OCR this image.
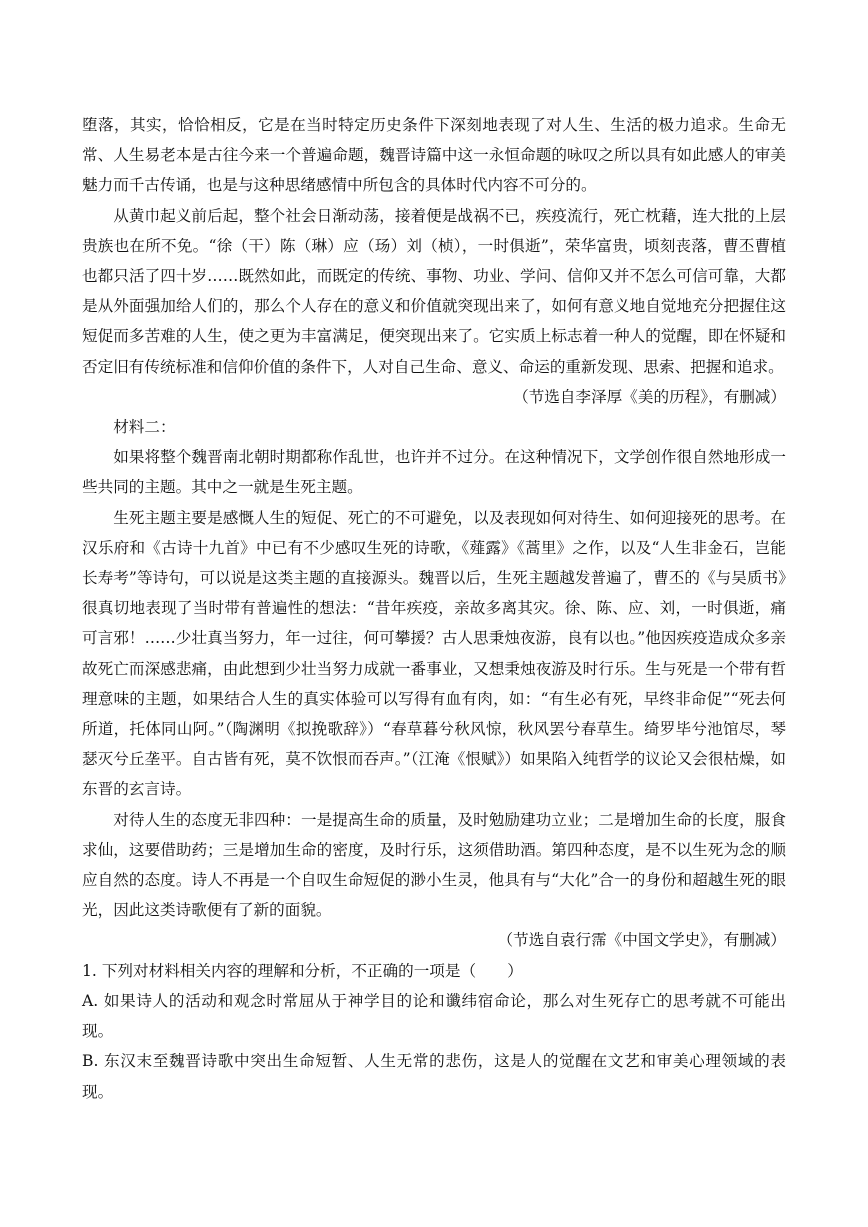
堕落，其实，恰恰相反，它是在当时特定历史条件下深刻地表现了对人生、生活的极力追求。生命无常、人生易老本是古往今来一个普遍命题，魏晋诗篇中这一永恒命题的咏叹之所以具有如此感人的审美魅力而千古传诵，也是与这种思绪感情中所包含的具体时代内容不可分的。

从黄巾起义前后起，整个社会日渐动荡，接着便是战祸不已，疾疫流行，死亡枕藉，连大批的上层贵族也在所不免。“徐（干）陈（琳）应（玚）刘（桢），一时俱逝”，荣华富贵，顷刻丧落，曹丕曹植也都只活了四十岁……既然如此，而既定的传统、事物、功业、学问、信仰又并不怎么可信可靠，大都是从外面强加给人们的，那么个人存在的意义和价值就突现出来了，如何有意义地自觉地充分把握住这短促而多苦难的人生，使之更为丰富满足，便突现出来了。它实质上标志着一种人的觉醒，即在怀疑和否定旧有传统标准和信仰价值的条件下，人对自己生命、意义、命运的重新发现、思索、把握和追求。

（节选自李泽厚《美的历程》，有删减）

材料二：

如果将整个魏晋南北朝时期都称作乱世，也许并不过分。在这种情况下，文学创作很自然地形成一些共同的主题。其中之一就是生死主题。

生死主题主要是感慨人生的短促、死亡的不可避免，以及表现如何对待生、如何迎接死的思考。在汉乐府和《古诗十九首》中已有不少感叹生死的诗歌，《薤露》《蒿里》之作，以及“人生非金石，岂能长寿考”等诗句，可以说是这类主题的直接源头。魏晋以后，生死主题越发普遍了，曹丕的《与吴质书》很真切地表现了当时带有普遍性的想法：“昔年疾疫，亲故多离其灾。徐、陈、应、刘，一时俱逝，痛可言邪！……少壮真当努力，年一过往，何可攀援？古人思秉烛夜游，良有以也。”他因疾疫造成众多亲故死亡而深感悲痛，由此想到少壮当努力成就一番事业，又想秉烛夜游及时行乐。生与死是一个带有哲理意味的主题，如果结合人生的真实体验可以写得有血有肉，如：“有生必有死，早终非命促”“死去何所道，托体同山阿。”（陶渊明《拟挽歌辞》）“春草暮兮秋风惊，秋风罢兮春草生。绮罗毕兮池馆尽，琴瑟灭兮丘垄平。自古皆有死，莫不饮恨而吞声。”（江淹《恨赋》）如果陷入纯哲学的议论又会很枯燥，如东晋的玄言诗。

对待人生的态度无非四种：一是提高生命的质量，及时勉励建功立业；二是增加生命的长度，服食求仙，这要借助药；三是增加生命的密度，及时行乐，这须借助酒。第四种态度，是不以生死为念的顺应自然的态度。诗人不再是一个自叹生命短促的渺小生灵，他具有与“大化”合一的身份和超越生死的眼光，因此这类诗歌便有了新的面貌。

（节选自袁行霈《中国文学史》，有删减）

1. 下列对材料相关内容的理解和分析，不正确的一项是（　　）

A. 如果诗人的活动和观念时常屈从于神学目的论和谶纬宿命论，那么对生死存亡的思考就不可能出现。

B. 东汉末至魏晋诗歌中突出生命短暂、人生无常的悲伤，这是人的觉醒在文艺和审美心理领域的表现。
